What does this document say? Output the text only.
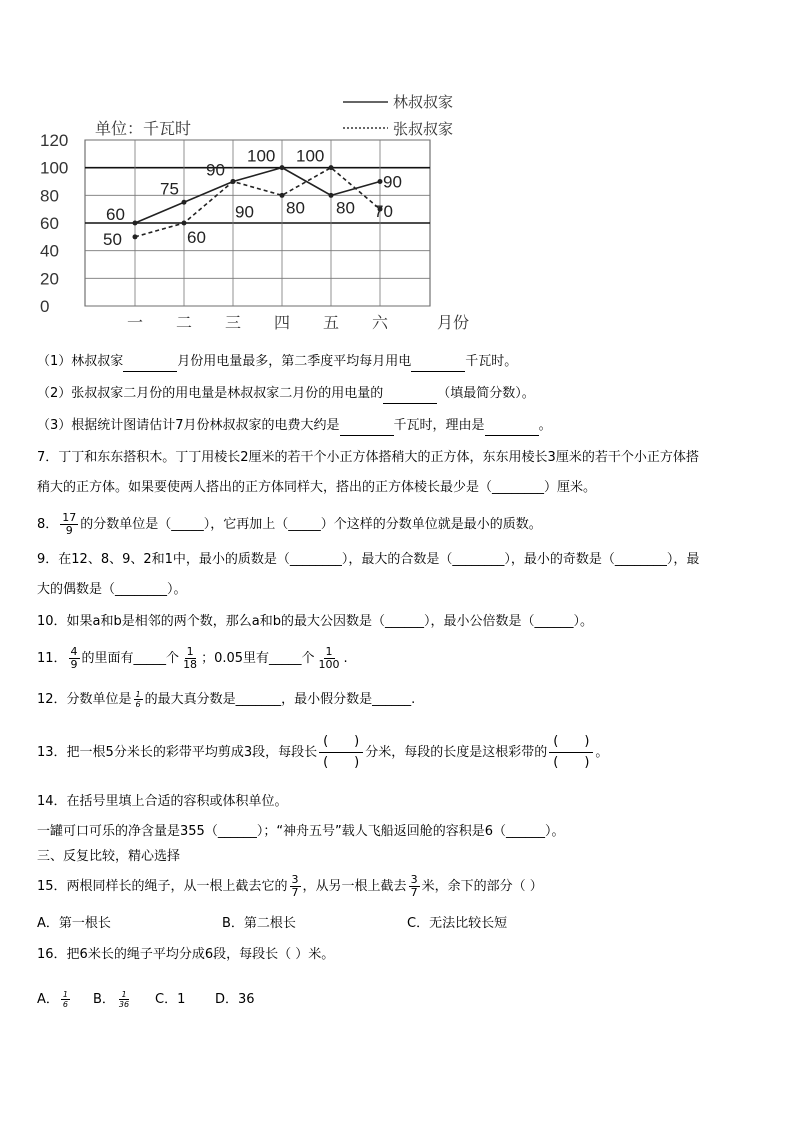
0
20
40
60
80
100
120
一 二 三 四 五 六
60
75
90
100
80
90
50	60
90 80
100
70
单位：千瓦时
月份
林叔叔家
张叔叔家
（1）林叔叔家	月份用电量最多，第二季度平均每月用电	千瓦时。
（2）张叔叔家二月份的用电量是林叔叔家二月份的用电量的	（填最简分数）。
（3）根据统计图请估计7月份林叔叔家的电费大约是	千瓦时，理由是	。
7．丁丁和东东搭积木。丁丁用棱长2厘米的若干个小正方体搭稍大的正方体，东东用棱长3厘米的若干个小正方体搭
稍大的正方体。如果要使两人搭出的正方体同样大，搭出的正方体棱长最少是（________）厘米。
8． $\frac{17}{9}$ 的分数单位是（_____），它再加上（_____）个这样的分数单位就是最小的质数。
9．在12、8、9、2和1中，最小的质数是（________），最大的合数是（________），最小的奇数是（________），最
大的偶数是（________）。
10．如果a和b是相邻的两个数，那么a和b的最大公因数是（______），最小公倍数是（______）。
11． $\frac{4}{9}$ 的里面有_____个 $\frac{1}{18}$ ；0.05里有_____个 $\frac{1}{100}$ .
12．分数单位是 $\frac{1}{6}$ 的最大真分数是_______，最小假分数是______.
13．把一根5分米长的彩带平均剪成3段，每段长
(　　)
(　　)
分米，每段的长度是这根彩带的
(　　)
(　　)
。
14．在括号里填上合适的容积或体积单位。
一罐可口可乐的净含量是355（______）；“神舟五号”载人飞船返回舱的容积是6（______）。
三、反复比较，精心选择
15．两根同样长的绳子，从一根上截去它的 $\frac{3}{7}$ ，从另一根上截去 $\frac{3}{7}$ 米，余下的部分（ ）
A．第一根长	B．第二根长	C．无法比较长短
16．把6米长的绳子平均分成6段，每段长（ ）米。
A． $\frac{1}{6}$ B． $\frac{1}{36}$ C．1 D．36
